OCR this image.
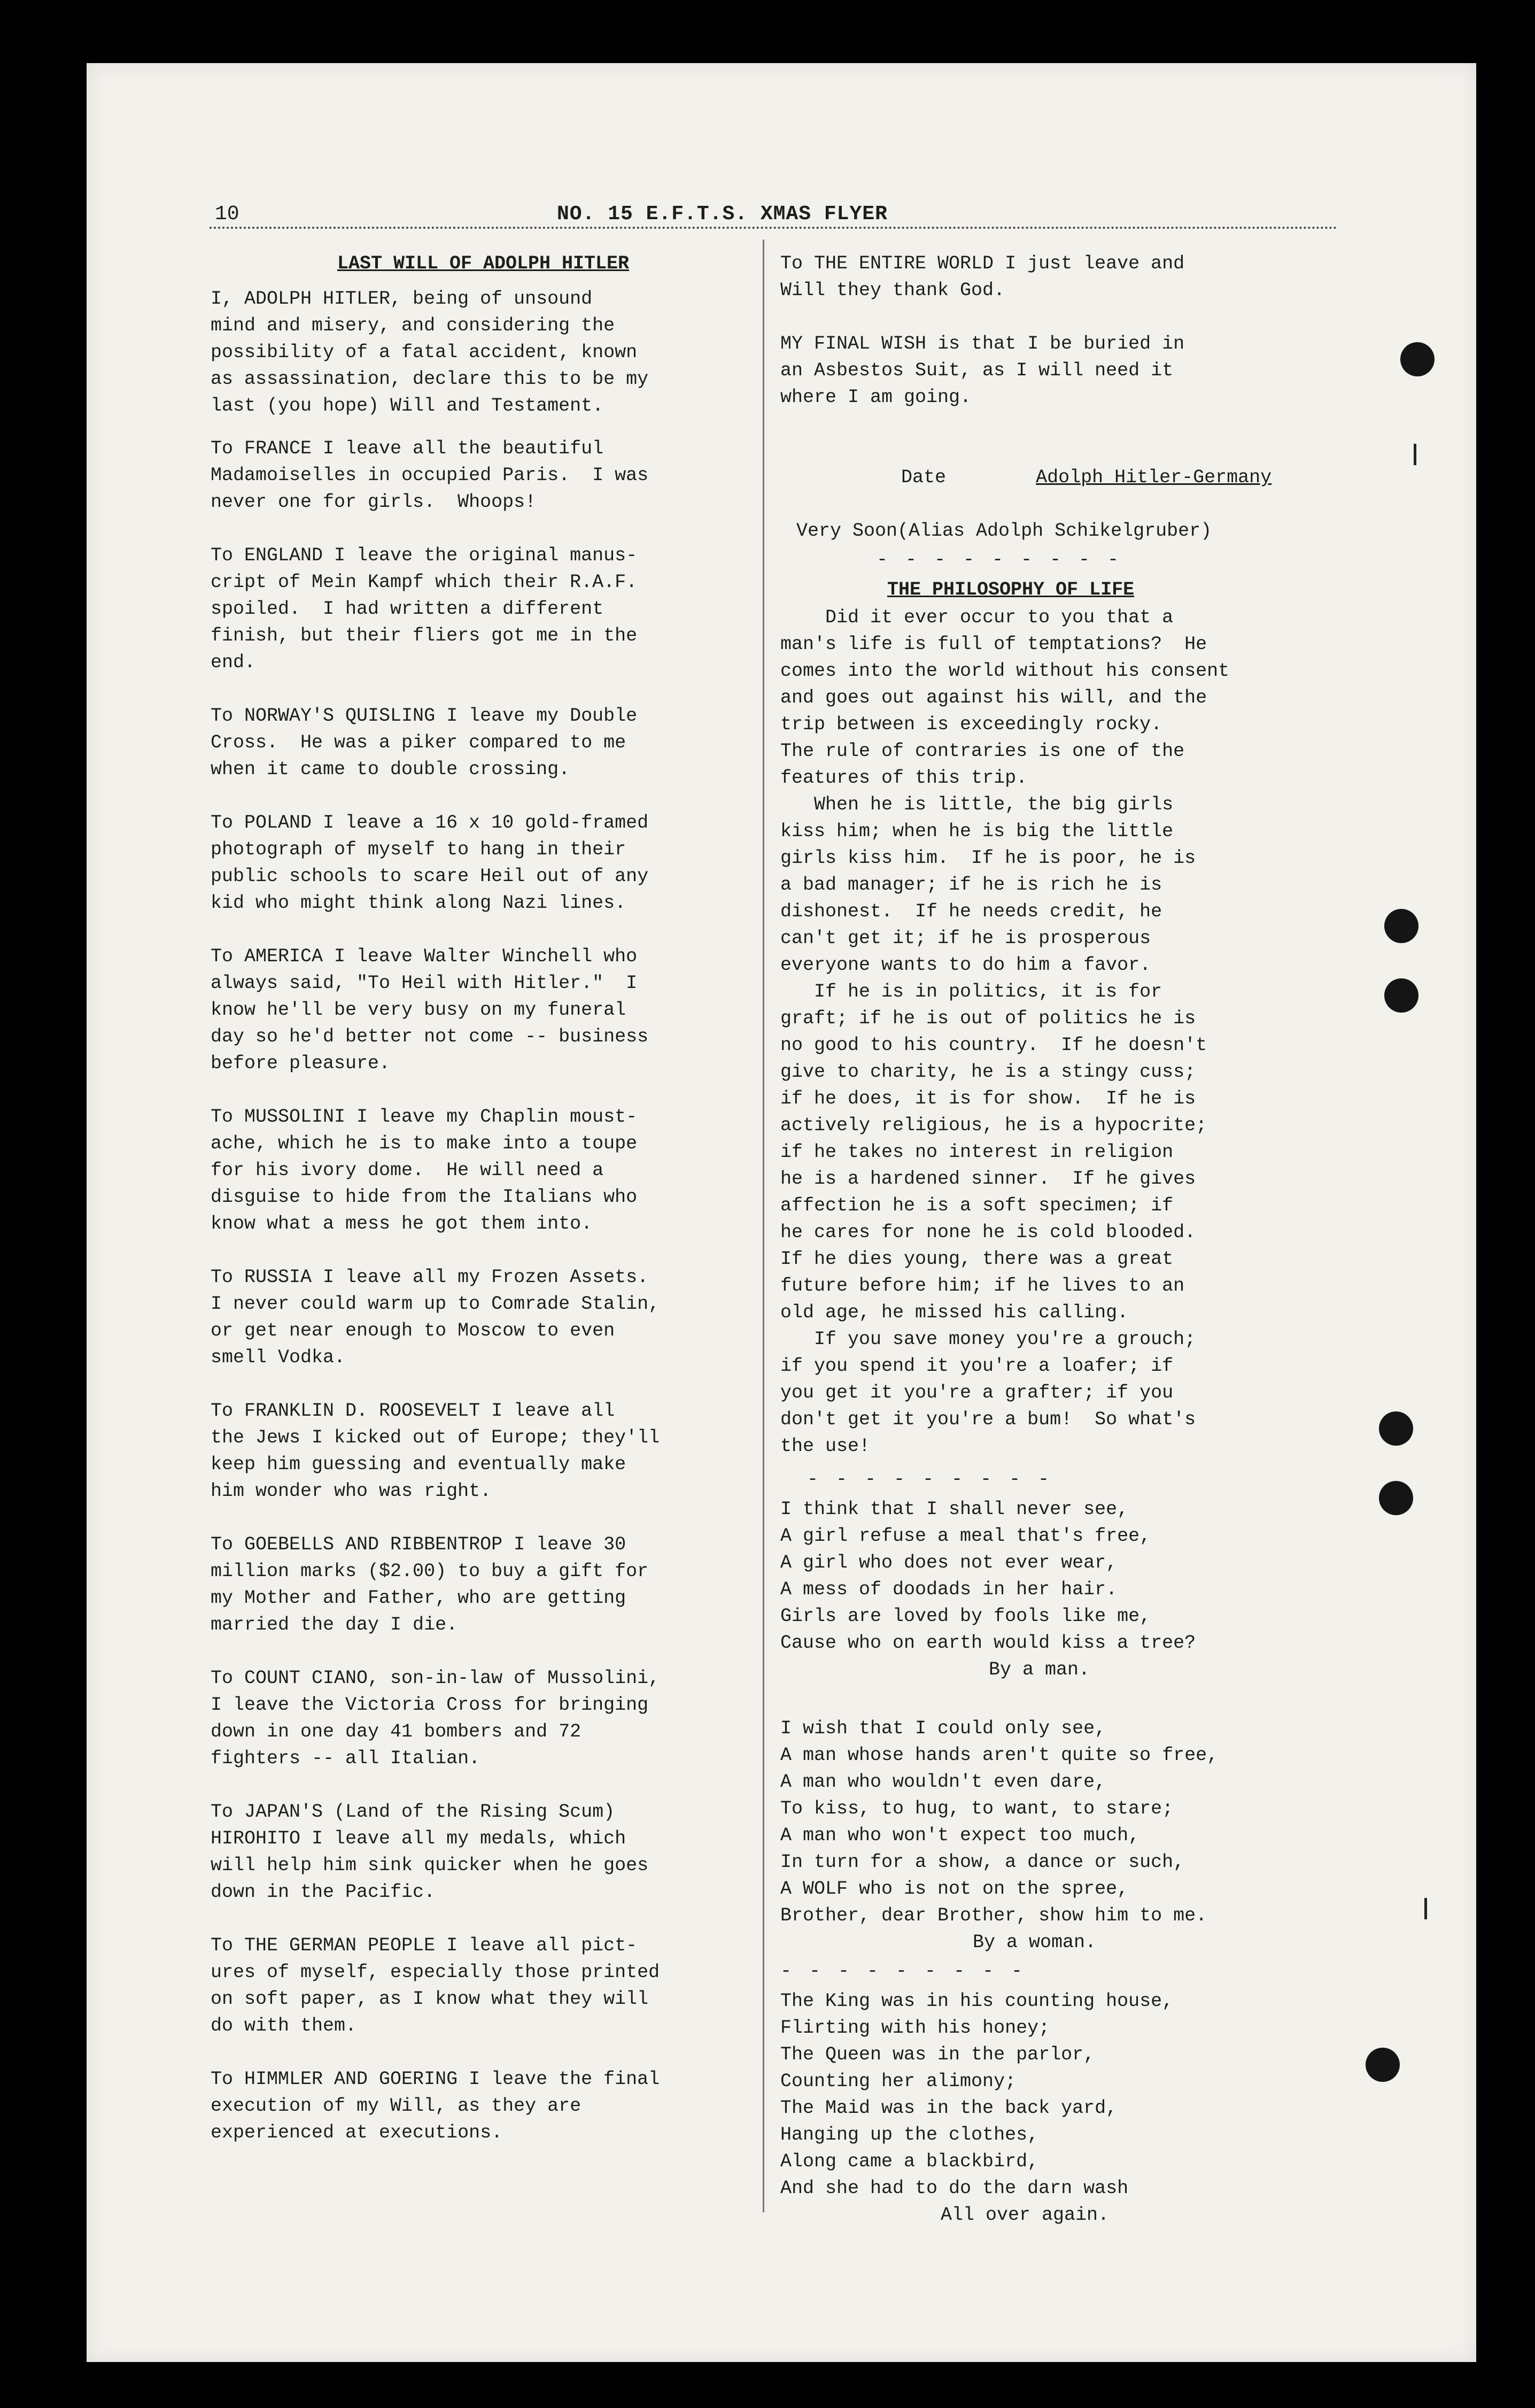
10	NO. 15 E.F.T.S. XMAS FLYER

LAST WILL OF ADOLPH HITLER

I, ADOLPH HITLER, being of unsound
mind and misery, and considering the
possibility of a fatal accident, known
as assassination, declare this to be my
last (you hope) Will and Testament.

To FRANCE I leave all the beautiful
Madamoiselles in occupied Paris.  I was
never one for girls.  Whoops!

To ENGLAND I leave the original manus-
cript of Mein Kampf which their R.A.F.
spoiled.  I had written a different
finish, but their fliers got me in the
end.

To NORWAY'S QUISLING I leave my Double
Cross.  He was a piker compared to me
when it came to double crossing.

To POLAND I leave a 16 x 10 gold-framed
photograph of myself to hang in their
public schools to scare Heil out of any
kid who might think along Nazi lines.

To AMERICA I leave Walter Winchell who
always said, "To Heil with Hitler."  I
know he'll be very busy on my funeral
day so he'd better not come -- business
before pleasure.

To MUSSOLINI I leave my Chaplin moust-
ache, which he is to make into a toupe
for his ivory dome.  He will need a
disguise to hide from the Italians who
know what a mess he got them into.

To RUSSIA I leave all my Frozen Assets.
I never could warm up to Comrade Stalin,
or get near enough to Moscow to even
smell Vodka.

To FRANKLIN D. ROOSEVELT I leave all
the Jews I kicked out of Europe; they'll
keep him guessing and eventually make
him wonder who was right.

To GOEBELLS AND RIBBENTROP I leave 30
million marks ($2.00) to buy a gift for
my Mother and Father, who are getting
married the day I die.

To COUNT CIANO, son-in-law of Mussolini,
I leave the Victoria Cross for bringing
down in one day 41 bombers and 72
fighters -- all Italian.

To JAPAN'S (Land of the Rising Scum)
HIROHITO I leave all my medals, which
will help him sink quicker when he goes
down in the Pacific.

To THE GERMAN PEOPLE I leave all pict-
ures of myself, especially those printed
on soft paper, as I know what they will
do with them.

To HIMMLER AND GOERING I leave the final
execution of my Will, as they are
experienced at executions.

To THE ENTIRE WORLD I just leave and
Will they thank God.

MY FINAL WISH is that I be buried in
an Asbestos Suit, as I will need it
where I am going.

Date	Adolph Hitler-Germany

Very Soon(Alias Adolph Schikelgruber)

- - - - - - - - -

THE PHILOSOPHY OF LIFE

Did it ever occur to you that a
man's life is full of temptations?  He
comes into the world without his consent
and goes out against his will, and the
trip between is exceedingly rocky.
The rule of contraries is one of the
features of this trip.

When he is little, the big girls
kiss him; when he is big the little
girls kiss him.  If he is poor, he is
a bad manager; if he is rich he is
dishonest.  If he needs credit, he
can't get it; if he is prosperous
everyone wants to do him a favor.

If he is in politics, it is for
graft; if he is out of politics he is
no good to his country.  If he doesn't
give to charity, he is a stingy cuss;
if he does, it is for show.  If he is
actively religious, he is a hypocrite;
if he takes no interest in religion
he is a hardened sinner.  If he gives
affection he is a soft specimen; if
he cares for none he is cold blooded.
If he dies young, there was a great
future before him; if he lives to an
old age, he missed his calling.

If you save money you're a grouch;
if you spend it you're a loafer; if
you get it you're a grafter; if you
don't get it you're a bum!  So what's
the use!

- - - - - - - - -

I think that I shall never see,
A girl refuse a meal that's free,
A girl who does not ever wear,
A mess of doodads in her hair.
Girls are loved by fools like me,
Cause who on earth would kiss a tree?

By a man.

I wish that I could only see,
A man whose hands aren't quite so free,
A man who wouldn't even dare,
To kiss, to hug, to want, to stare;
A man who won't expect too much,
In turn for a show, a dance or such,
A WOLF who is not on the spree,
Brother, dear Brother, show him to me.

By a woman.

- - - - - - - - -

The King was in his counting house,
Flirting with his honey;
The Queen was in the parlor,
Counting her alimony;
The Maid was in the back yard,
Hanging up the clothes,
Along came a blackbird,
And she had to do the darn wash

All over again.
